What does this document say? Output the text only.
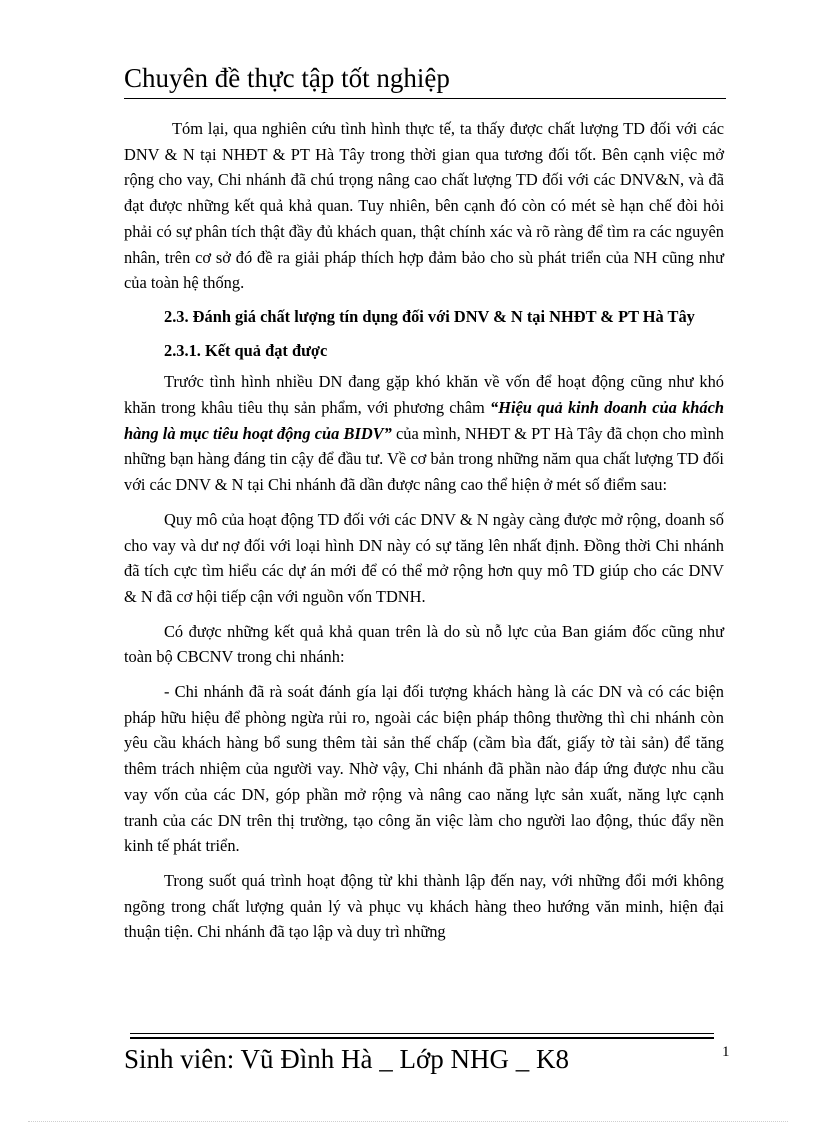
Chuyên đề thực tập tốt nghiệp

Tóm lại, qua nghiên cứu tình hình thực tế, ta thấy được chất lượng TD đối với các DNV & N tại NHĐT & PT Hà Tây trong thời gian qua tương đối tốt. Bên cạnh việc mở rộng cho vay, Chi nhánh đã chú trọng nâng cao chất lượng TD đối với các DNV&N, và đã đạt được những kết quả khả quan. Tuy nhiên, bên cạnh đó còn có mét sè hạn chế đòi hỏi phải có sự phân tích thật đầy đủ khách quan, thật chính xác và rõ ràng để tìm ra các nguyên nhân, trên cơ sở đó đề ra giải pháp thích hợp đảm bảo cho sù phát triển của NH cũng như của toàn hệ thống.

2.3. Đánh giá chất lượng tín dụng đối với DNV & N tại NHĐT & PT Hà Tây

2.3.1. Kết quả đạt được

Trước tình hình nhiều DN đang gặp khó khăn về vốn để hoạt động cũng như khó khăn trong khâu tiêu thụ sản phẩm, với phương châm “Hiệu quả kinh doanh của khách hàng là mục tiêu hoạt động của BIDV” của mình, NHĐT & PT Hà Tây đã chọn cho mình những bạn hàng đáng tin cậy để đầu tư. Về cơ bản trong những năm qua chất lượng TD đối với các DNV & N tại Chi nhánh đã dần được nâng cao thể hiện ở mét số điểm sau:

Quy mô của hoạt động TD đối với các DNV & N ngày càng được mở rộng, doanh số cho vay và dư nợ đối với loại hình DN này có sự tăng lên nhất định. Đồng thời Chi nhánh đã tích cực tìm hiểu các dự án mới để có thể mở rộng hơn quy mô TD giúp cho các DNV & N đã cơ hội tiếp cận với nguồn vốn TDNH.

Có được những kết quả khả quan trên là do sù nỗ lực của Ban giám đốc cũng như toàn bộ CBCNV trong chi nhánh:

- Chi nhánh đã rà soát đánh gía lại đối tượng khách hàng là các DN và có các biện pháp hữu hiệu để phòng ngừa rủi ro, ngoài các biện pháp thông thường thì chi nhánh còn yêu cầu khách hàng bổ sung thêm tài sản thế chấp (cầm bìa đất, giấy tờ tài sản) để tăng thêm trách nhiệm của người vay. Nhờ vậy, Chi nhánh đã phần nào đáp ứng được nhu cầu vay vốn của các DN, góp phần mở rộng và nâng cao năng lực sản xuất, năng lực cạnh tranh của các DN trên thị trường, tạo công ăn việc làm cho người lao động, thúc đẩy nền kinh tế phát triển.

Trong suốt quá trình hoạt động từ khi thành lập đến nay, với những đổi mới không ngõng trong chất lượng quản lý và phục vụ khách hàng theo hướng văn minh, hiện đại thuận tiện. Chi nhánh đã tạo lập và duy trì những

Sinh viên: Vũ Đình Hà _ Lớp NHG _ K8	1
